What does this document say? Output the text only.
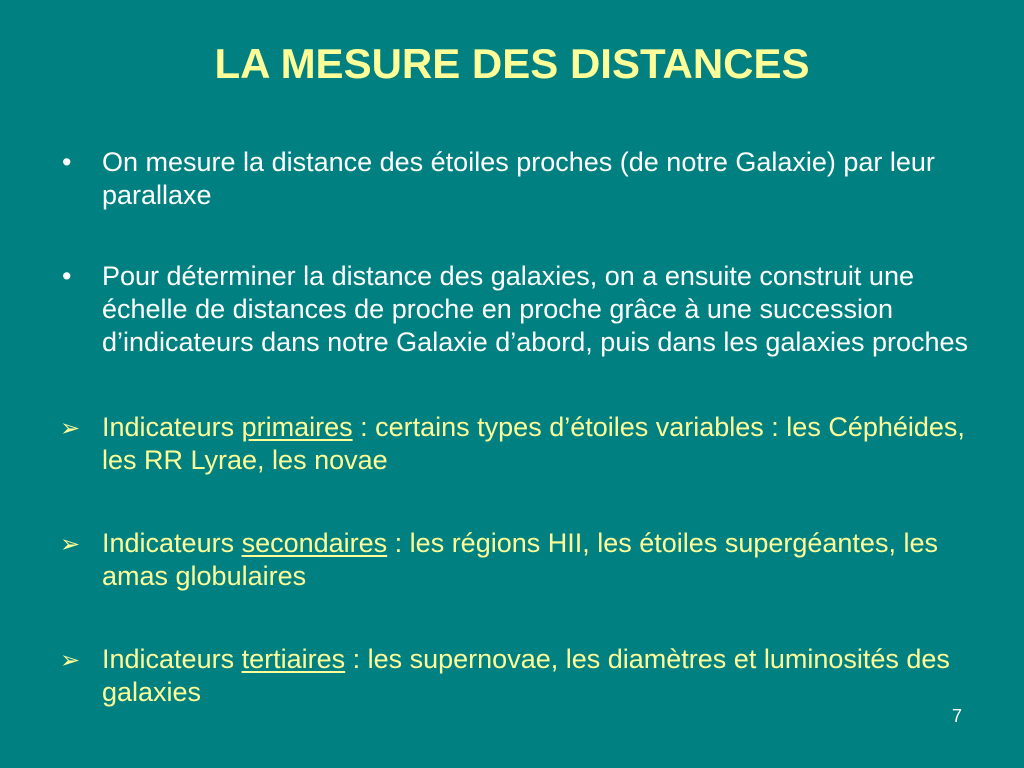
LA MESURE DES DISTANCES
•	On mesure la distance des étoiles proches (de notre Galaxie) par leur parallaxe
•	Pour déterminer la distance des galaxies, on a ensuite construit une échelle de distances de proche en proche grâce à une succession d’indicateurs dans notre Galaxie d’abord, puis dans les galaxies proches
➢ Indicateurs primaires : certains types d’étoiles variables : les Céphéides, les RR Lyrae, les novae
➢ Indicateurs secondaires : les régions HII, les étoiles supergéantes, les amas globulaires
➢ Indicateurs tertiaires : les supernovae, les diamètres et luminosités des galaxies
7
